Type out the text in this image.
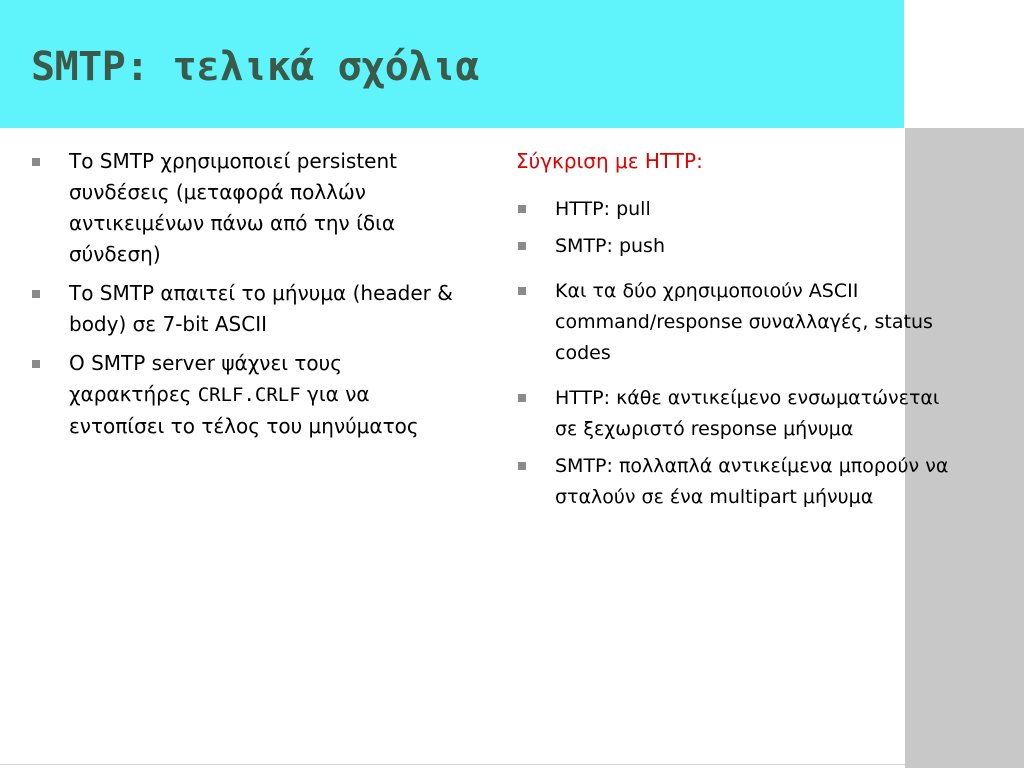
SMTP: τελικά σχόλια
Το SMTP χρησιμοποιεί persistent συνδέσεις (μεταφορά πολλών αντικειμένων πάνω από την ίδια σύνδεση)
Το SMTP απαιτεί το μήνυμα (header & body) σε 7-bit ASCII
O SMTP server ψάχνει τους χαρακτήρες CRLF.CRLF για να εντοπίσει το τέλος του μηνύματος
Σύγκριση με HTTP:
HTTP: pull
SMTP: push
Και τα δύο χρησιμοποιούν ASCII command/response συναλλαγές, status codes
HTTP: κάθε αντικείμενο ενσωματώνεται σε ξεχωριστό response μήνυμα
SMTP: πολλαπλά αντικείμενα μπορούν να σταλούν σε ένα multipart μήνυμα
